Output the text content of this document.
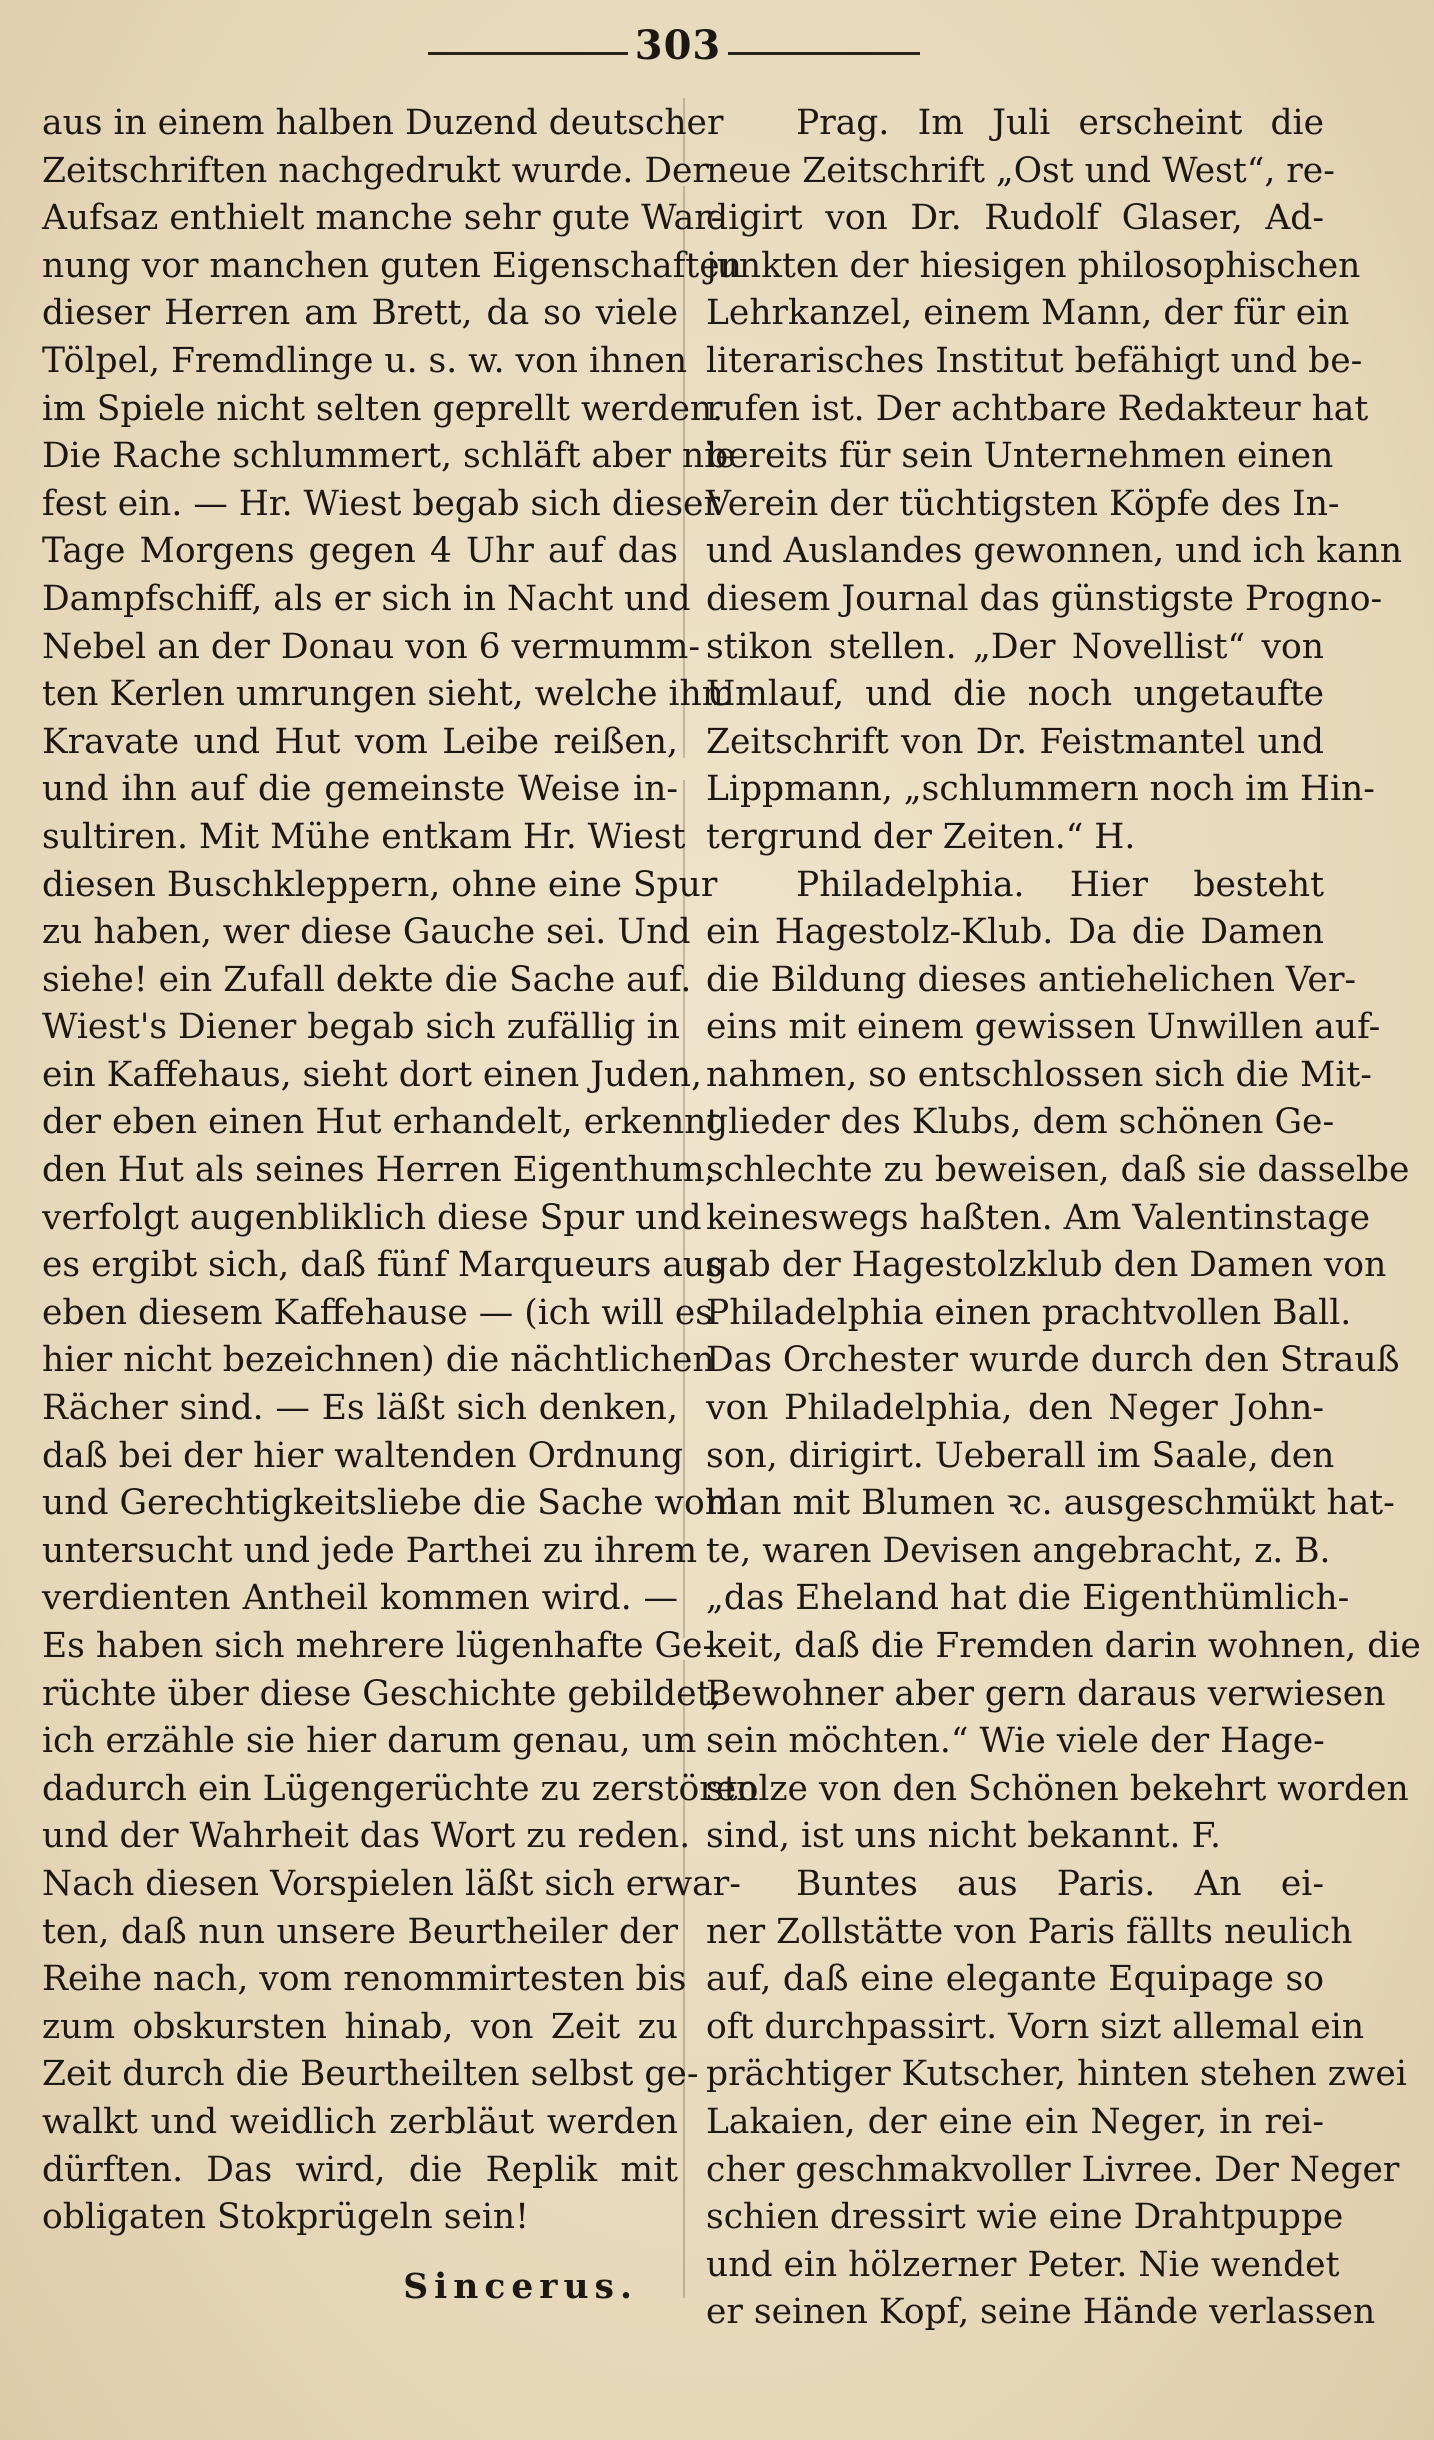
303

aus in einem halben Duzend deutscher

Zeitschriften nachgedrukt wurde. Der

Aufsaz enthielt manche sehr gute War-

nung vor manchen guten Eigenschaften

dieser Herren am Brett, da so viele

Tölpel, Fremdlinge u. s. w. von ihnen

im Spiele nicht selten geprellt werden.

Die Rache schlummert, schläft aber nie

fest ein. — Hr. Wiest begab sich dieser

Tage Morgens gegen 4 Uhr auf das

Dampfschiff, als er sich in Nacht und

Nebel an der Donau von 6 vermumm-

ten Kerlen umrungen sieht, welche ihm

Kravate und Hut vom Leibe reißen,

und ihn auf die gemeinste Weise in-

sultiren. Mit Mühe entkam Hr. Wiest

diesen Buschkleppern, ohne eine Spur

zu haben, wer diese Gauche sei. Und

siehe! ein Zufall dekte die Sache auf.

Wiest's Diener begab sich zufällig in

ein Kaffehaus, sieht dort einen Juden,

der eben einen Hut erhandelt, erkennt

den Hut als seines Herren Eigenthum,

verfolgt augenbliklich diese Spur und

es ergibt sich, daß fünf Marqueurs aus

eben diesem Kaffehause — (ich will es

hier nicht bezeichnen) die nächtlichen

Rächer sind. — Es läßt sich denken,

daß bei der hier waltenden Ordnung

und Gerechtigkeitsliebe die Sache wohl

untersucht und jede Parthei zu ihrem

verdienten Antheil kommen wird. —

Es haben sich mehrere lügenhafte Ge-

rüchte über diese Geschichte gebildet;

ich erzähle sie hier darum genau, um

dadurch ein Lügengerüchte zu zerstören

und der Wahrheit das Wort zu reden.

Nach diesen Vorspielen läßt sich erwar-

ten, daß nun unsere Beurtheiler der

Reihe nach, vom renommirtesten bis

zum obskursten hinab, von Zeit zu

Zeit durch die Beurtheilten selbst ge-

walkt und weidlich zerbläut werden

dürften. Das wird, die Replik mit

obligaten Stokprügeln sein!

Sincerus.

Prag. Im Juli erscheint die

neue Zeitschrift „Ost und West“, re-

digirt von Dr. Rudolf Glaser, Ad-

junkten der hiesigen philosophischen

Lehrkanzel, einem Mann, der für ein

literarisches Institut befähigt und be-

rufen ist. Der achtbare Redakteur hat

bereits für sein Unternehmen einen

Verein der tüchtigsten Köpfe des In-

und Auslandes gewonnen, und ich kann

diesem Journal das günstigste Progno-

stikon stellen. „Der Novellist“ von

Umlauf, und die noch ungetaufte

Zeitschrift von Dr. Feistmantel und

Lippmann, „schlummern noch im Hin-

tergrund der Zeiten.“ H.

Philadelphia. Hier besteht

ein Hagestolz-Klub. Da die Damen

die Bildung dieses antiehelichen Ver-

eins mit einem gewissen Unwillen auf-

nahmen, so entschlossen sich die Mit-

glieder des Klubs, dem schönen Ge-

schlechte zu beweisen, daß sie dasselbe

keineswegs haßten. Am Valentinstage

gab der Hagestolzklub den Damen von

Philadelphia einen prachtvollen Ball.

Das Orchester wurde durch den Strauß

von Philadelphia, den Neger John-

son, dirigirt. Ueberall im Saale, den

man mit Blumen ꝛc. ausgeschmükt hat-

te, waren Devisen angebracht, z. B.

„das Eheland hat die Eigenthümlich-

keit, daß die Fremden darin wohnen, die

Bewohner aber gern daraus verwiesen

sein möchten.“ Wie viele der Hage-

stolze von den Schönen bekehrt worden

sind, ist uns nicht bekannt. F.

Buntes aus Paris. An ei-

ner Zollstätte von Paris fällts neulich

auf, daß eine elegante Equipage so

oft durchpassirt. Vorn sizt allemal ein

prächtiger Kutscher, hinten stehen zwei

Lakaien, der eine ein Neger, in rei-

cher geschmakvoller Livree. Der Neger

schien dressirt wie eine Drahtpuppe

und ein hölzerner Peter. Nie wendet

er seinen Kopf, seine Hände verlassen
